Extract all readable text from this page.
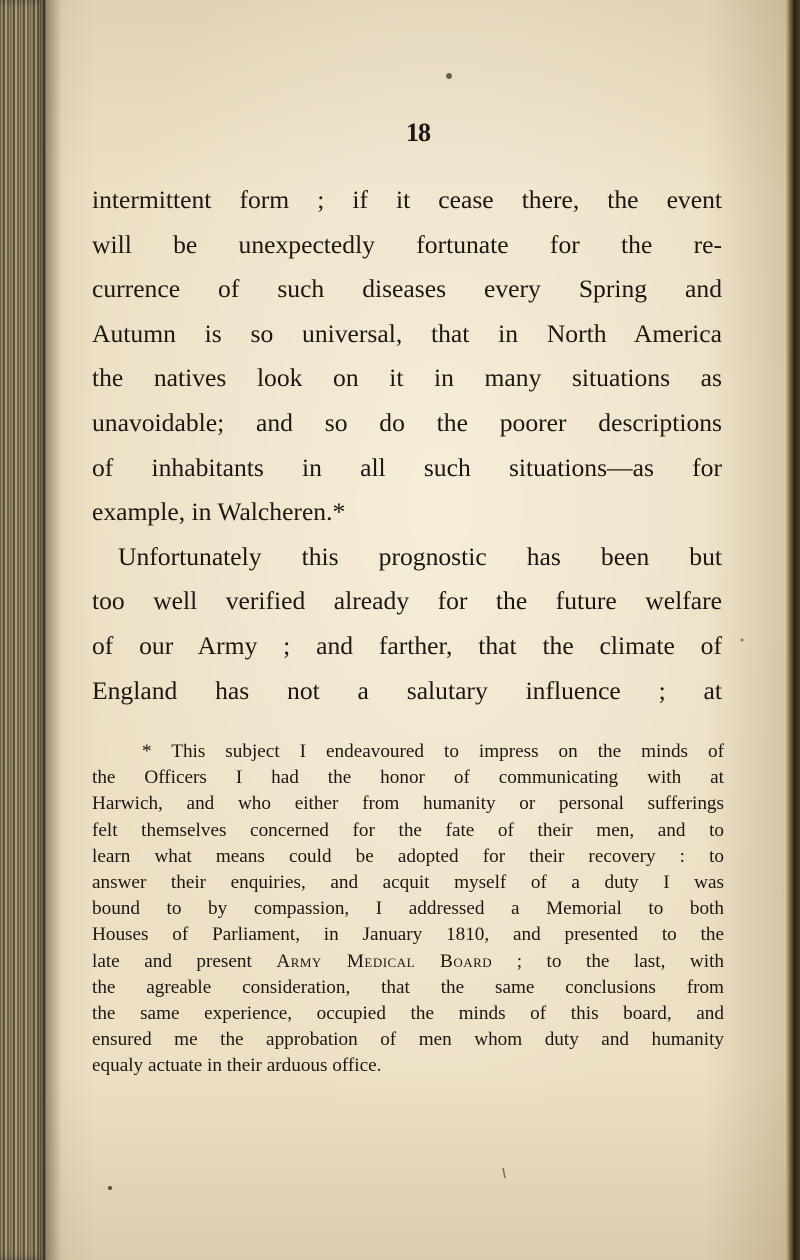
18
intermittent form ; if it cease there, the event
will be unexpectedly fortunate for the re-
currence of such diseases every Spring and
Autumn is so universal, that in North America
the natives look on it in many situations as
unavoidable; and so do the poorer descriptions
of inhabitants in all such situations—as for
example, in Walcheren.*
Unfortunately this prognostic has been but
too well verified already for the future welfare
of our Army ; and farther, that the climate of
England has not a salutary influence ; at
* This subject I endeavoured to impress on the minds of
the Officers I had the honor of communicating with at
Harwich, and who either from humanity or personal sufferings
felt themselves concerned for the fate of their men, and to
learn what means could be adopted for their recovery : to
answer their enquiries, and acquit myself of a duty I was
bound to by compassion, I addressed a Memorial to both
Houses of Parliament, in January 1810, and presented to the
late and present Army Medical Board ; to the last, with
the agreable consideration, that the same conclusions from
the same experience, occupied the minds of this board, and
ensured me the approbation of men whom duty and humanity
equaly actuate in their arduous office.
